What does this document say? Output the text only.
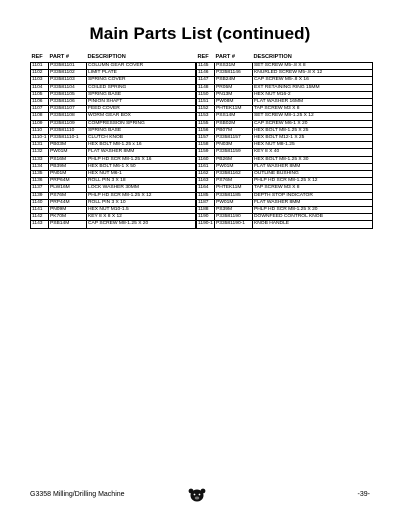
Main Parts List (continued)
REF	PART #	DESCRIPTION
1101	P33581101	COLUMN GEAR COVER
1102	P33581102	LIMIT PLATE
1103	P33581103	SPRING COVER
1104	P33581104	COILED SPRING
1105	P33581105	SPRING BASE
1106	P33581106	PINION SHAFT
1107	P33581107	FEED COVER
1108	P33581108	WORM GEAR BOX
1109	P33581109	COMPRESSION SPRING
1110	P33581110	SPRING BASE
1110-1	P33581110-1	CLUTCH KNOB
1131	PB03M	HEX BOLT M8-1.25 x 16
1132	PW01M	FLAT WASHER 8MM
1133	PS16M	PHLP HD SCR M8-1.25 X 16
1134	PB39M	HEX BOLT M6-1 X 50
1135	PN01M	HEX NUT M6-1
1136	PRP64M	ROLL PIN 3 X 18
1137	PLW16M	LOCK WASHER 30MM
1139	PS76M	PHLP HD SCR M8-1.25 X 12
1140	PRP44M	ROLL PIN 3 X 10
1141	PN09M	HEX NUT M10-1.5
1142	PK70M	KEY 8 X 8 X 12
1143	PSB14M	CAP SCREW M8-1.25 X 20
REF	PART #	DESCRIPTION
1145	PSS31M	SET SCREW M5-.8 X 8
1146	P33581146	KNURLED SCREW M5-.8 X 12
1147	PSB24M	CAP SCREW M5-.8 X 16
1148	PR05M	EXT RETAINING RING 15MM
1150	PN13M	HEX NUT M16-2
1151	PW08M	FLAT WASHER 16MM
1152	PHTEK11M	TAP SCREW M3 X 8
1153	PSS14M	SET SCREW M8-1.25 X 12
1155	PSB02M	CAP SCREW M6-1 X 20
1156	PB07M	HEX BOLT M8-1.25 X 25
1157	P33581157	HEX BOLT M12-1 X 25
1158	PN03M	HEX NUT M8-1.25
1159	P33581159	KEY 8 X 40
1160	PB26M	HEX BOLT M8-1.25 X 30
1161	PW01M	FLAT WASHER 8MM
1162	P33581162	OUTLINE BUSHING
1163	PS76M	PHLP HD SCR M8-1.25 X 12
1164	PHTEK11M	TAP SCREW M3 X 8
1185	P33581185	DEPTH STOP INDICATOR
1187	PW01M	FLAT WASHER 8MM
1188	PS39M	PHLP HD SCR M8-1.25 X 20
1190	P33581190	DOWNFEED CONTROL KNOB
1190-1	P33581190-1	KNOB HANDLE
G3358 Milling/Drilling Machine	-39-
